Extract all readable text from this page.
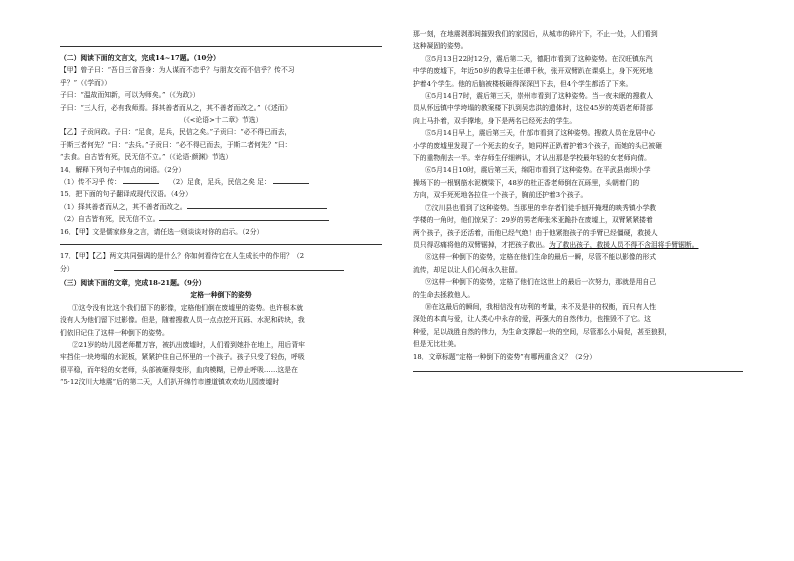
（二）阅读下面的文言文，完成14~17题。（10分）
【甲】曾子曰：“吾日三省吾身：为人谋而不忠乎？与朋友交而不信乎？传不习
乎？”（《学而》）
子曰：“温故而知新，可以为师矣。”（《为政》）
子曰：“三人行，必有我师焉。择其善者而从之，其不善者而改之。”（《述而》
（《<论语>十二章》节选）
【乙】子贡问政。子曰：“足食，足兵，民信之矣。”子贡曰：“必不得已而去，
于斯三者何先？”曰：“去兵。”子贡曰：“必不得已而去，于斯二者何先？”曰：
“去食。自古皆有死，民无信不立。”（《论语·颜渊》节选）
14．解释下列句子中加点的词语。（2分）
（1）传不习乎 传：	（2）足食，足兵，民信之矣 足：
15．把下面的句子翻译成现代汉语。（4分）
（1）择其善者而从之，其不善者而改之。
（2）自古皆有死，民无信不立。
16．【甲】文是儒家修身之言，请任选一则谈谈对你的启示。（2分）
17．【甲】【乙】两文共同强调的是什么？你如何看待它在人生成长中的作用？（2
分）
（三）阅读下面的文章，完成18-21题。（9分）
定格一种倒下的姿势
①这令没有比这个我们留下的影像，定格他们倒在废墟里的姿势。也许根本就
没有人为他们留下过影像。但是，随着搜救人员一点点挖开瓦砾、水泥和砖块，我
们依旧记住了这样一种倒下的姿势。
②21岁的幼儿园老师瞿万容，被扒出废墟时，人们看到她扑在地上，用后背牢
牢挡住一块垮塌的水泥板，紧紧护住自己怀里的一个孩子。孩子只受了轻伤，呼吸
很平稳，而年轻的女老师，头部被砸得变形，血肉模糊，已停止呼吸……这是在
“5·12汶川大地震”后的第二天，人们扒开绵竹市遵道镇欢欢幼儿园废墟时
那一刻，在地震剥那间摧毁我们的家园后，从城市的碎片下，不止一处，人们看到
这种凝固的姿势。
③5月13日22时12分，震后第二天，德阳市看到了这种姿势。在汉旺镇东汽
中学的废墟下，年近50岁的教导主任谭千秋，张开双臂趴在课桌上，身下死死地
护着4个学生。他的后脑被楼板砸得深深凹下去，但4个学生都活了下来。
④5月14日7时，震后第三天，崇州市看到了这种姿势。当一夜未眠的搜救人
员从怀远镇中学垮塌的教案楼下扒到吴忠洪的遗体时，这位45岁的英语老师背部
向上马扑着，双手撑地，身下是两名已经死去的学生。
⑤5月14日早上，震后第三天，什邡市看到了这种姿势。搜救人员在龙居中心
小学的废墟里发现了一个死去的女子，她同样正趴着护着3个孩子，而她的头已被砸
下的重物削去一半。幸存师生仔细辨认，才认出那是学校最年轻的女老师向倩。
⑥5月14日10时，震后第三天，绵阳市看到了这种姿势。在平武县南坝小学
操场下的一根钢筋水泥横梁下，48岁的杜正香老师倒在瓦砾里，头朝着门的
方向，双手死死地各拉住一个孩子，胸前还护着3个孩子。
⑦汶川县也看到了这种姿势。当那里的幸存者们徒手刨开掩埋的映秀镇小学教
学楼的一角时，他们惊呆了：29岁的男老师张米亚跪扑在废墟上，双臂紧紧搂着
两个孩子，孩子还活着，而他已经气绝！由于他紧抱孩子的手臂已经僵硬，救援人
员只得忍痛将他的双臂锯掉，才把孩子救出。为了救出孩子，救援人员不得不含泪将手臂锯断。
⑧这样一种倒下的姿势，定格在他们生命的最后一瞬，尽管不能以影像的形式
流传，却足以让人们心间永久驻留。
⑨这样一种倒下的姿势，定格了他们在这世上的最后一次努力，那就是用自己
的生命去拯救他人。
⑩在这最后的瞬间，我相信没有功利的考量，未不及是非的权衡，而只有人性
深处的本真与爱，让人类心中永存的爱，再强大的自然伟力，也推毁不了它。这
种爱，足以战胜自然的伟力，为生命支撑起一块的空间，尽管那么小局促，甚至狼狈，
但是无比壮美。
18．文章标题“定格一种倒下的姿势”有哪两重含义？（2分）
